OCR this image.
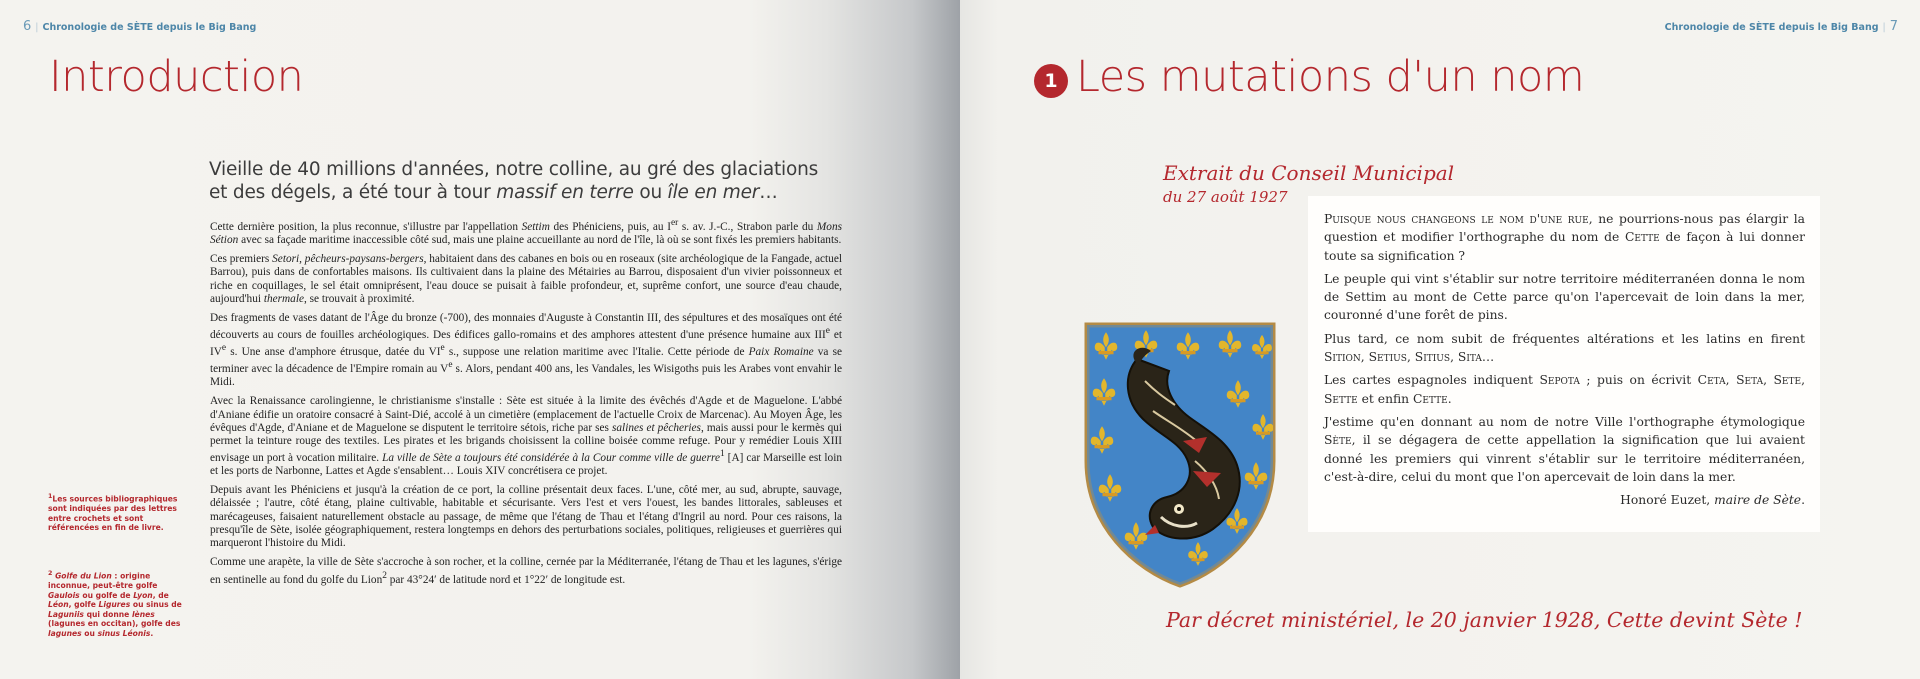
6 | Chronologie de SÈTE depuis le Big Bang
Introduction
Vieille de 40 millions d'années, notre colline, au gré des glaciations et des dégels, a été tour à tour massif en terre ou île en mer…

Cette dernière position, la plus reconnue, s'illustre par l'appellation Settim des Phéniciens, puis, au Ier s. av. J.-C., Strabon parle du Mons Sétion avec sa façade maritime inaccessible côté sud, mais une plaine accueillante au nord de l'île, là où se sont fixés les premiers habitants.

Ces premiers Setori, pêcheurs-paysans-bergers, habitaient dans des cabanes en bois ou en roseaux (site archéologique de la Fangade, actuel Barrou), puis dans de confortables maisons. Ils cultivaient dans la plaine des Métairies au Barrou, disposaient d'un vivier poissonneux et riche en coquillages, le sel était omniprésent, l'eau douce se puisait à faible profondeur, et, suprême confort, une source d'eau chaude, aujourd'hui thermale, se trouvait à proximité.

Des fragments de vases datant de l'Âge du bronze (-700), des monnaies d'Auguste à Constantin III, des sépultures et des mosaïques ont été découverts au cours de fouilles archéologiques. Des édifices gallo-romains et des amphores attestent d'une présence humaine aux IIIe et IVe s. Une anse d'amphore étrusque, datée du VIe s., suppose une relation maritime avec l'Italie. Cette période de Paix Romaine va se terminer avec la décadence de l'Empire romain au Ve s. Alors, pendant 400 ans, les Vandales, les Wisigoths puis les Arabes vont envahir le Midi.

Avec la Renaissance carolingienne, le christianisme s'installe : Sète est située à la limite des évêchés d'Agde et de Maguelone. L'abbé d'Aniane édifie un oratoire consacré à Saint-Dié, accolé à un cimetière (emplacement de l'actuelle Croix de Marcenac). Au Moyen Âge, les évêques d'Agde, d'Aniane et de Maguelone se disputent le territoire sétois, riche par ses salines et pêcheries, mais aussi pour le kermès qui permet la teinture rouge des textiles. Les pirates et les brigands choisissent la colline boisée comme refuge. Pour y remédier Louis XIII envisage un port à vocation militaire. La ville de Sète a toujours été considérée à la Cour comme ville de guerre$^1$ [A] car Marseille est loin et les ports de Narbonne, Lattes et Agde s'ensablent… Louis XIV concrétisera ce projet.

Depuis avant les Phéniciens et jusqu'à la création de ce port, la colline présentait deux faces. L'une, côté mer, au sud, abrupte, sauvage, délaissée ; l'autre, côté étang, plaine cultivable, habitable et sécurisante. Vers l'est et vers l'ouest, les bandes littorales, sableuses et marécageuses, faisaient naturellement obstacle au passage, de même que l'étang de Thau et l'étang d'Ingril au nord. Pour ces raisons, la presqu'île de Sète, isolée géographiquement, restera longtemps en dehors des perturbations sociales, politiques, religieuses et guerrières qui marqueront l'histoire du Midi.

Comme une arapète, la ville de Sète s'accroche à son rocher, et la colline, cernée par la Méditerranée, l'étang de Thau et les lagunes, s'érige en sentinelle au fond du golfe du Lion$^2$ par 43°24′ de latitude nord et 1°22′ de longitude est.

$^1$Les sources bibliographiques sont indiquées par des lettres entre crochets et sont référencées en fin de livre.
$^2$ Golfe du Lion : origine inconnue, peut-être golfe Gaulois ou golfe de Lyon, de Léon, golfe Ligures ou sinus de Laguniis qui donne lènes (lagunes en occitan), golfe des lagunes ou sinus Léonis.
Chronologie de SÈTE depuis le Big Bang | 7
1 Les mutations d'un nom
Extrait du Conseil Municipal
du 27 août 1927

Puisque nous changeons le nom d'une rue, ne pourrions-nous pas élargir la question et modifier l'orthographe du nom de Cette de façon à lui donner toute sa signification ?

Le peuple qui vint s'établir sur notre territoire méditerranéen donna le nom de Settim au mont de Cette parce qu'on l'apercevait de loin dans la mer, couronné d'une forêt de pins.

Plus tard, ce nom subit de fréquentes altérations et les latins en firent Sition, Setius, Sitius, Sita…

Les cartes espagnoles indiquent Sepota ; puis on écrivit Ceta, Seta, Sete, Sette et enfin Cette.

J'estime qu'en donnant au nom de notre Ville l'orthographe étymologique Sète, il se dégagera de cette appellation la signification que lui avaient donné les premiers qui vinrent s'établir sur le territoire méditerranéen, c'est-à-dire, celui du mont que l'on apercevait de loin dans la mer.

Honoré Euzet, maire de Sète.

Par décret ministériel, le 20 janvier 1928, Cette devint Sète !
